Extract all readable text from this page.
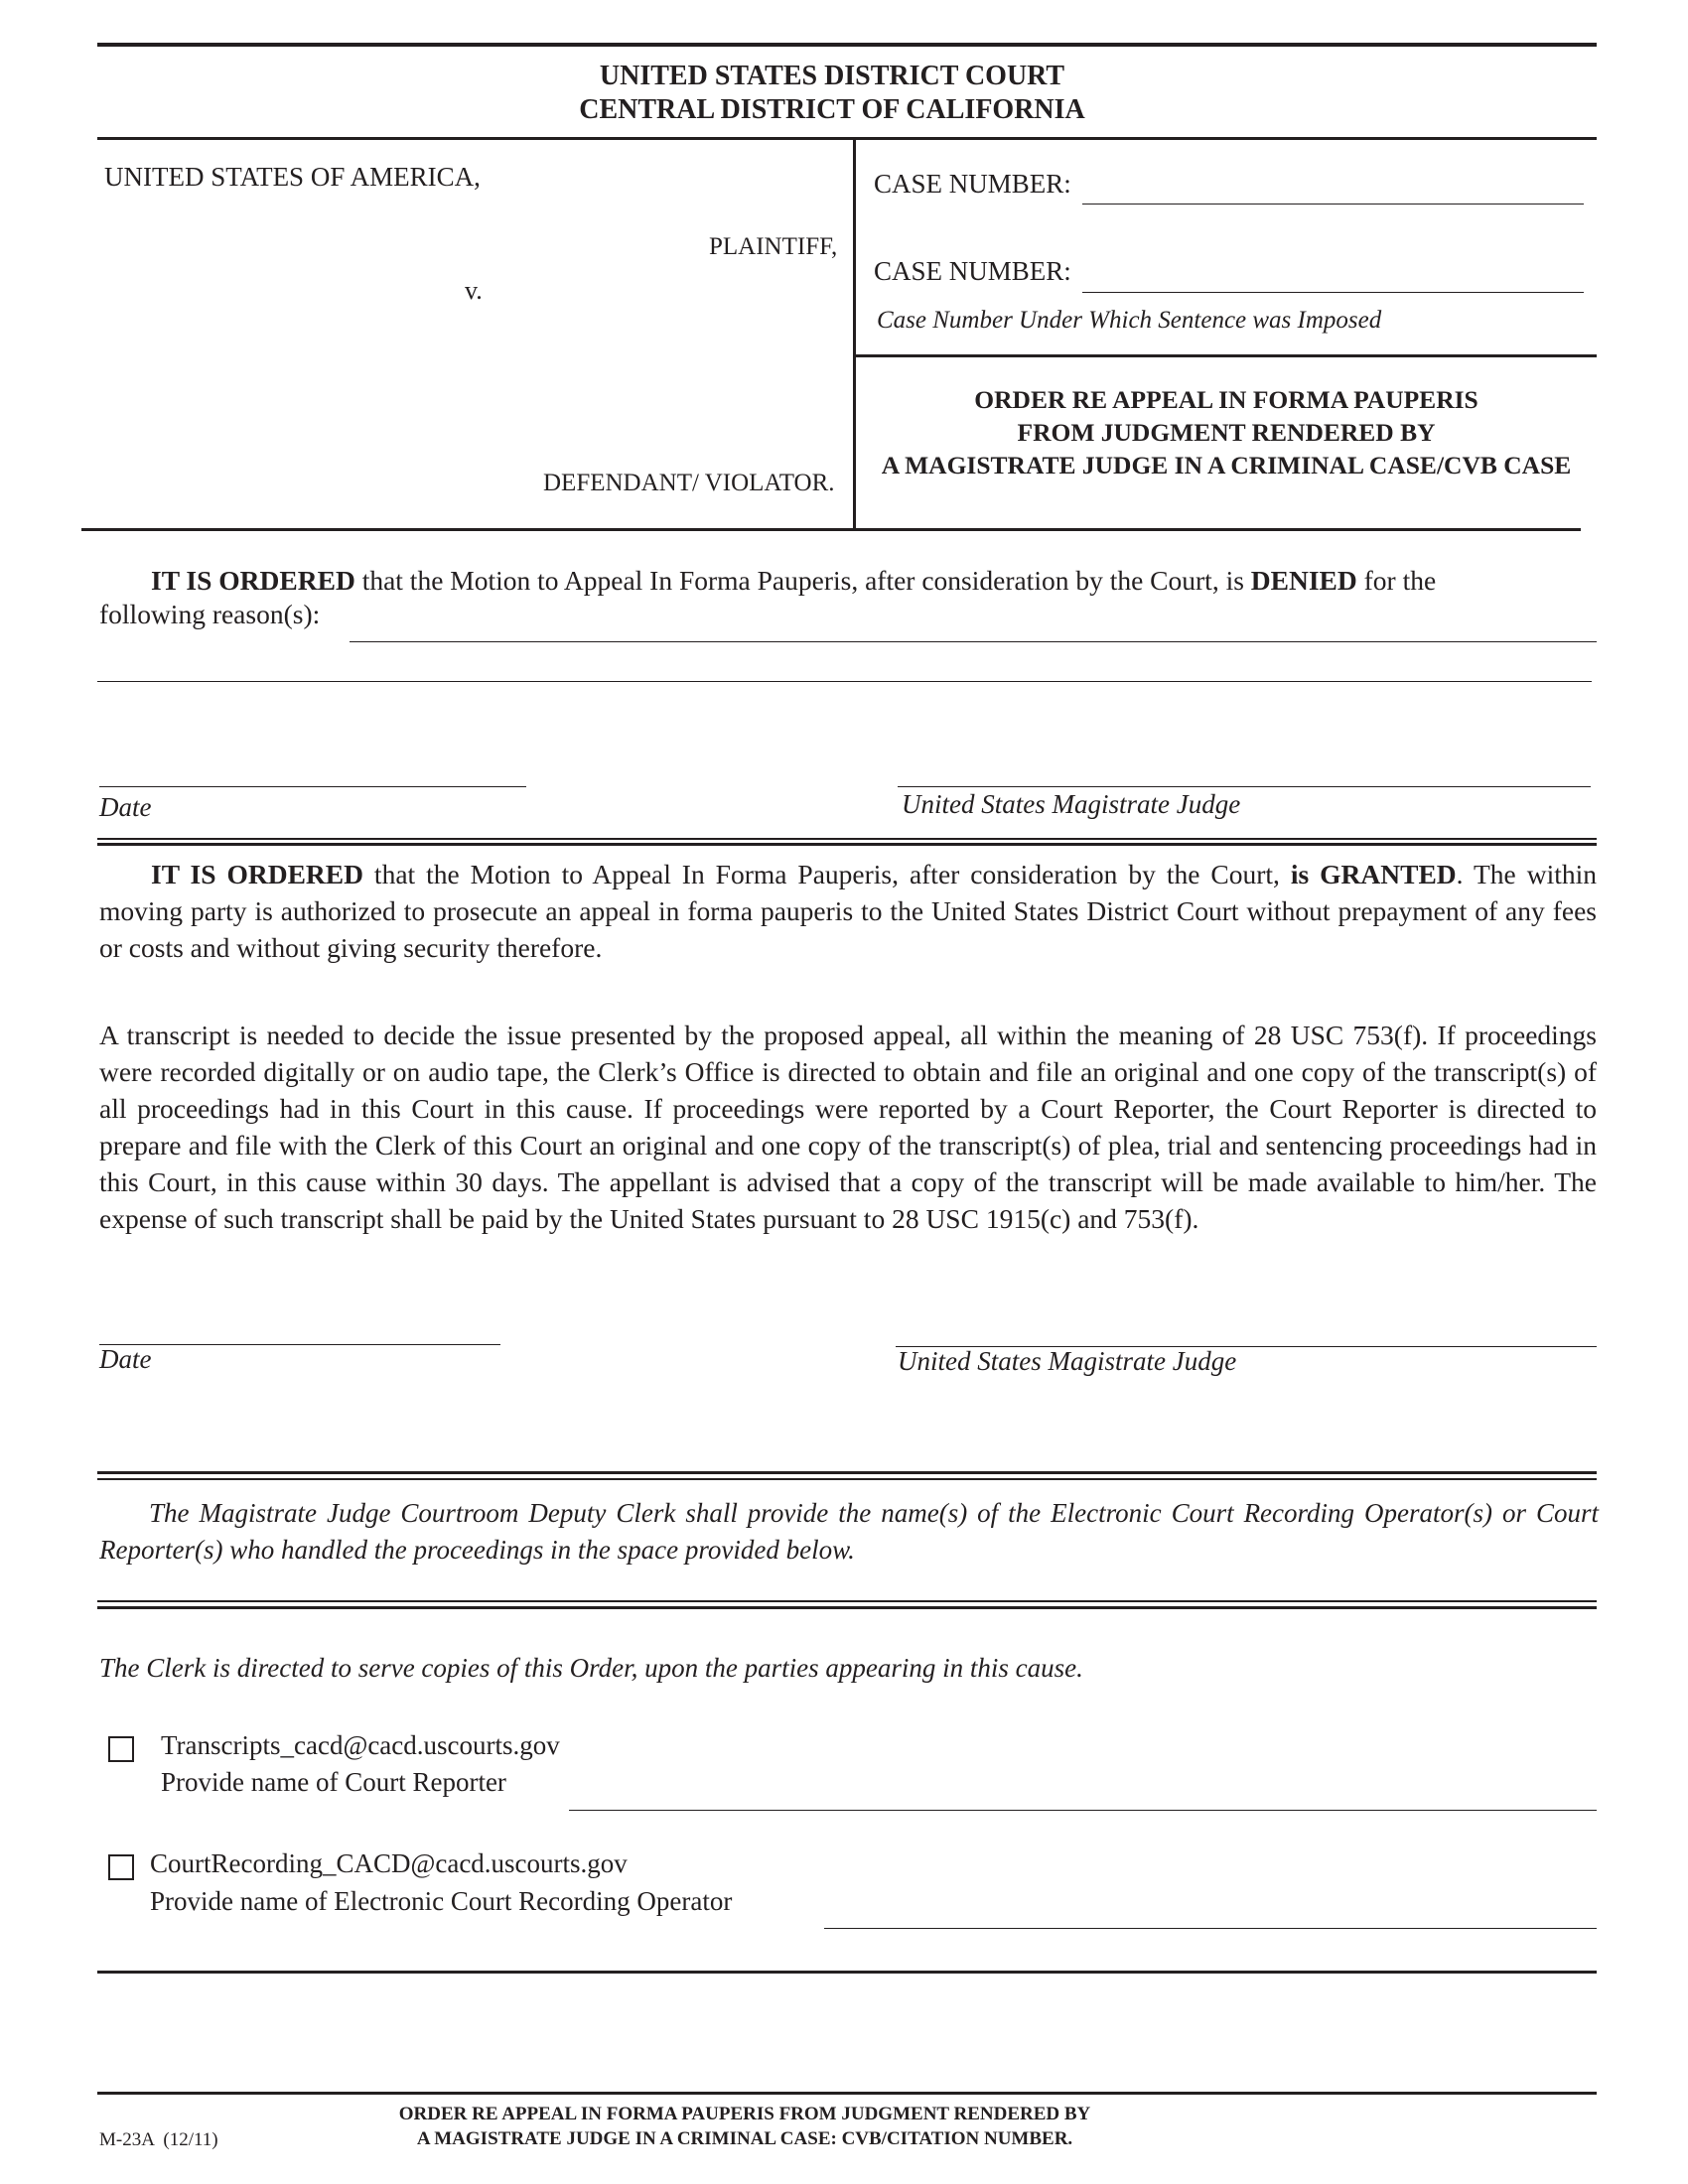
UNITED STATES DISTRICT COURT
CENTRAL DISTRICT OF CALIFORNIA
UNITED STATES OF AMERICA,
PLAINTIFF,
v.
DEFENDANT/ VIOLATOR.
CASE NUMBER:
CASE NUMBER:
Case Number Under Which Sentence was Imposed
ORDER RE APPEAL IN FORMA PAUPERIS
FROM JUDGMENT RENDERED BY
A MAGISTRATE JUDGE IN A CRIMINAL CASE/CVB CASE
IT IS ORDERED that the Motion to Appeal In Forma Pauperis, after consideration by the Court, is DENIED for the
following reason(s):
Date	United States Magistrate Judge
IT IS ORDERED that the Motion to Appeal In Forma Pauperis, after consideration by the Court, is GRANTED. The within moving party is authorized to prosecute an appeal in forma pauperis to the United States District Court without prepayment of any fees or costs and without giving security therefore.
A transcript is needed to decide the issue presented by the proposed appeal, all within the meaning of 28 USC 753(f). If proceedings were recorded digitally or on audio tape, the Clerk’s Office is directed to obtain and file an original and one copy of the transcript(s) of all proceedings had in this Court in this cause. If proceedings were reported by a Court Reporter, the Court Reporter is directed to prepare and file with the Clerk of this Court an original and one copy of the transcript(s) of plea, trial and sentencing proceedings had in this Court, in this cause within 30 days. The appellant is advised that a copy of the transcript will be made available to him/her. The expense of such transcript shall be paid by the United States pursuant to 28 USC 1915(c) and 753(f).
Date	United States Magistrate Judge
The Magistrate Judge Courtroom Deputy Clerk shall provide the name(s) of the Electronic Court Recording Operator(s) or Court Reporter(s) who handled the proceedings in the space provided below.
The Clerk is directed to serve copies of this Order, upon the parties appearing in this cause.
Transcripts_cacd@cacd.uscourts.gov
Provide name of Court Reporter
CourtRecording_CACD@cacd.uscourts.gov
Provide name of Electronic Court Recording Operator
M-23A  (12/11)
ORDER RE APPEAL IN FORMA PAUPERIS FROM JUDGMENT RENDERED BY
A MAGISTRATE JUDGE IN A CRIMINAL CASE: CVB/CITATION NUMBER.
